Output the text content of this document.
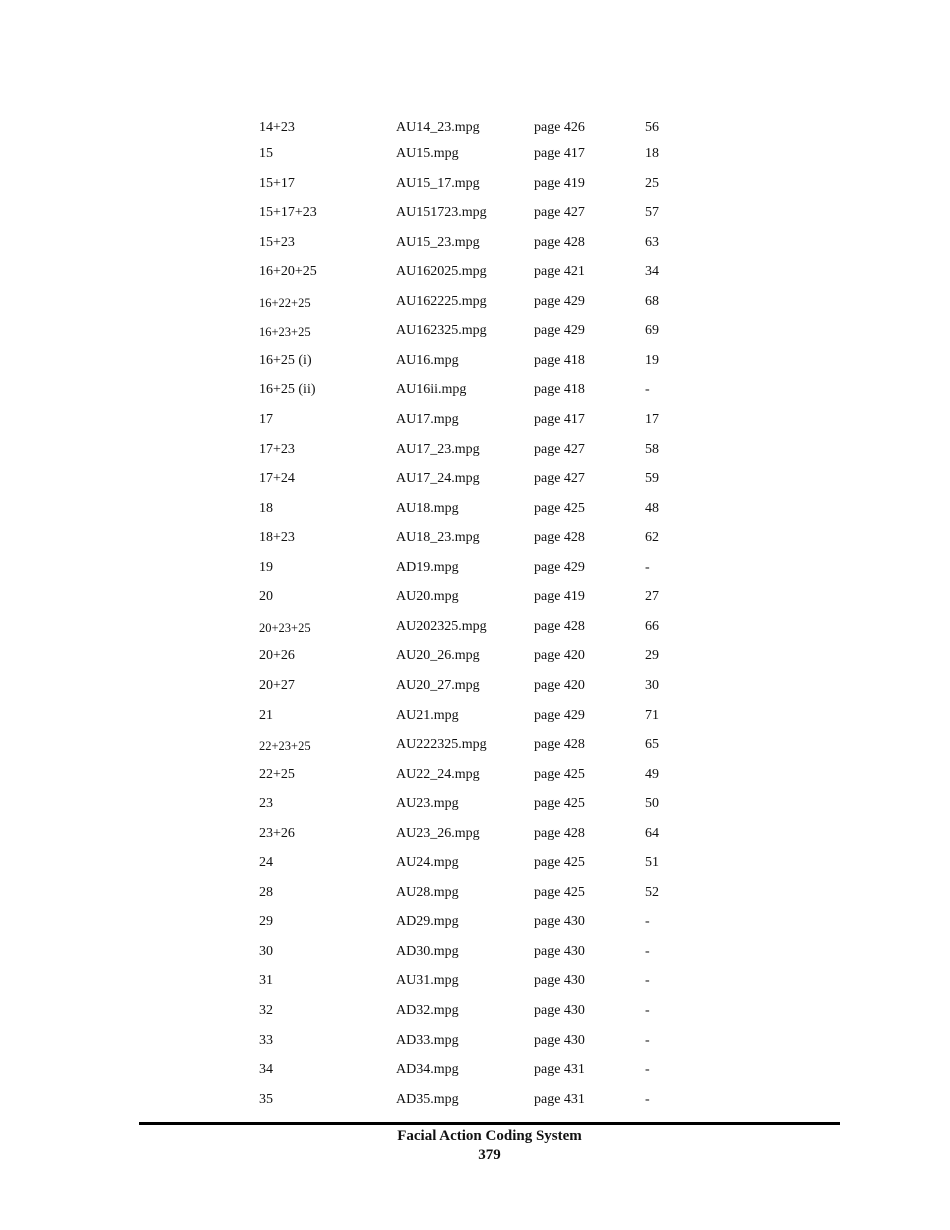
14+23	AU14_23.mpg	page 426	56
15	AU15.mpg	page 417	18
15+17	AU15_17.mpg	page 419	25
15+17+23	AU151723.mpg	page 427	57
15+23	AU15_23.mpg	page 428	63
16+20+25	AU162025.mpg	page 421	34
16+22+25	AU162225.mpg	page 429	68
16+23+25	AU162325.mpg	page 429	69
16+25 (i)	AU16.mpg	page 418	19
16+25 (ii)	AU16ii.mpg	page 418	-
17	AU17.mpg	page 417	17
17+23	AU17_23.mpg	page 427	58
17+24	AU17_24.mpg	page 427	59
18	AU18.mpg	page 425	48
18+23	AU18_23.mpg	page 428	62
19	AD19.mpg	page 429	-
20	AU20.mpg	page 419	27
20+23+25	AU202325.mpg	page 428	66
20+26	AU20_26.mpg	page 420	29
20+27	AU20_27.mpg	page 420	30
21	AU21.mpg	page 429	71
22+23+25	AU222325.mpg	page 428	65
22+25	AU22_24.mpg	page 425	49
23	AU23.mpg	page 425	50
23+26	AU23_26.mpg	page 428	64
24	AU24.mpg	page 425	51
28	AU28.mpg	page 425	52
29	AD29.mpg	page 430	-
30	AD30.mpg	page 430	-
31	AU31.mpg	page 430	-
32	AD32.mpg	page 430	-
33	AD33.mpg	page 430	-
34	AD34.mpg	page 431	-
35	AD35.mpg	page 431	-
Facial Action Coding System
379
